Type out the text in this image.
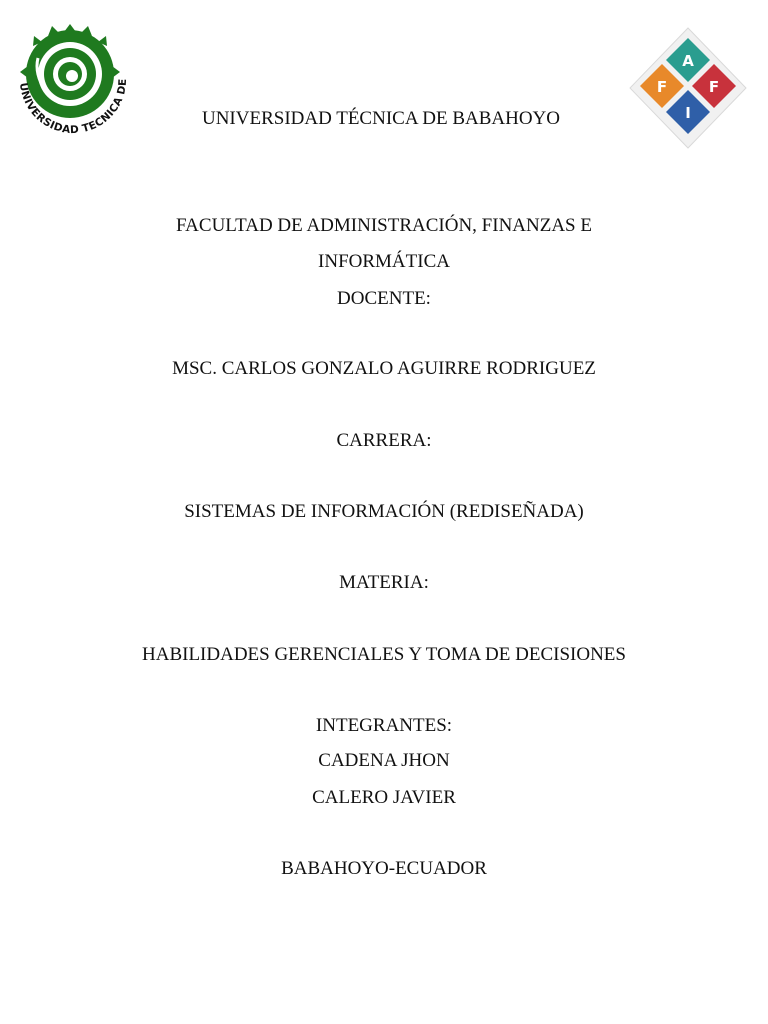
UNIVERSIDAD TECNICA DE
A
F	F
I
UNIVERSIDAD TÉCNICA DE BABAHOYO
FACULTAD DE ADMINISTRACIÓN, FINANZAS E
INFORMÁTICA
DOCENTE:
MSC. CARLOS GONZALO AGUIRRE RODRIGUEZ
CARRERA:
SISTEMAS DE INFORMACIÓN (REDISEÑADA)
MATERIA:
HABILIDADES GERENCIALES Y TOMA DE DECISIONES
INTEGRANTES:
CADENA JHON
CALERO JAVIER
BABAHOYO-ECUADOR
